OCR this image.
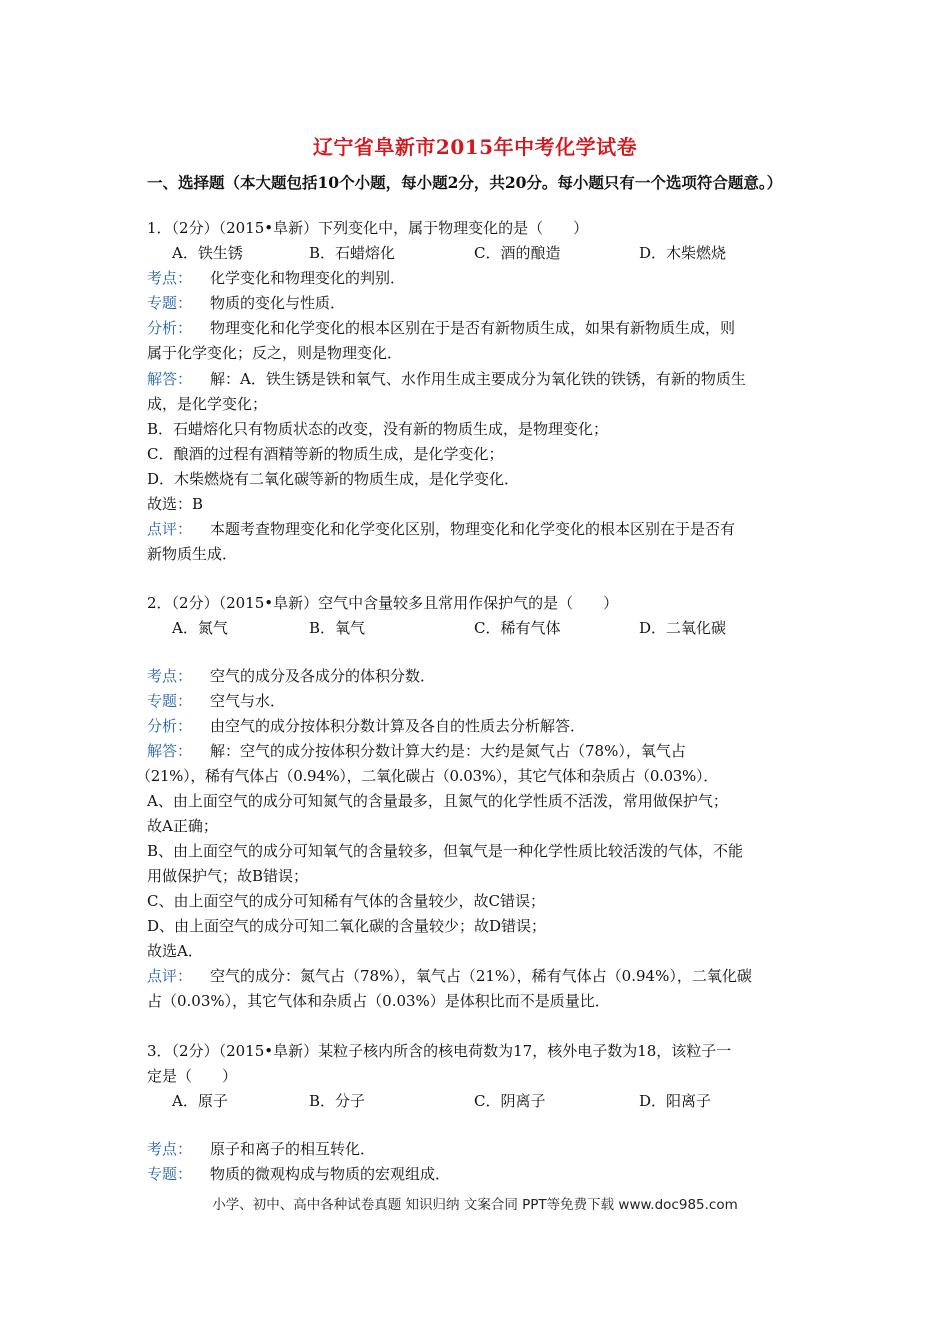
辽宁省阜新市2015年中考化学试卷
一、选择题（本大题包括10个小题，每小题2分，共20分。每小题只有一个选项符合题意。）
1．（2分）（2015•阜新）下列变化中，属于物理变化的是（　　）
A．铁生锈	B．石蜡熔化	C．酒的酿造	D．木柴燃烧
考点： 化学变化和物理变化的判别．
专题： 物质的变化与性质．
分析： 物理变化和化学变化的根本区别在于是否有新物质生成，如果有新物质生成，则
属于化学变化；反之，则是物理变化．
解答： 解：A．铁生锈是铁和氧气、水作用生成主要成分为氧化铁的铁锈，有新的物质生
成，是化学变化；
B．石蜡熔化只有物质状态的改变，没有新的物质生成，是物理变化；
C．酿酒的过程有酒精等新的物质生成，是化学变化；
D．木柴燃烧有二氧化碳等新的物质生成，是化学变化．
故选：B
点评： 本题考查物理变化和化学变化区别，物理变化和化学变化的根本区别在于是否有
新物质生成．
2．（2分）（2015•阜新）空气中含量较多且常用作保护气的是（　　）
A．氮气	B．氧气	C．稀有气体	D．二氧化碳
考点： 空气的成分及各成分的体积分数．
专题： 空气与水．
分析： 由空气的成分按体积分数计算及各自的性质去分析解答．
解答： 解：空气的成分按体积分数计算大约是：大约是氮气占（78%），氧气占
（21%），稀有气体占（0.94%），二氧化碳占（0.03%），其它气体和杂质占（0.03%）．
A、由上面空气的成分可知氮气的含量最多，且氮气的化学性质不活泼，常用做保护气；
故A正确；
B、由上面空气的成分可知氧气的含量较多，但氧气是一种化学性质比较活泼的气体，不能
用做保护气；故B错误；
C、由上面空气的成分可知稀有气体的含量较少，故C错误；
D、由上面空气的成分可知二氧化碳的含量较少；故D错误；
故选A．
点评： 空气的成分：氮气占（78%），氧气占（21%），稀有气体占（0.94%），二氧化碳
占（0.03%），其它气体和杂质占（0.03%）是体积比而不是质量比．
3．（2分）（2015•阜新）某粒子核内所含的核电荷数为17，核外电子数为18，该粒子一
定是（　　）
A．原子	B．分子	C．阴离子	D．阳离子
考点： 原子和离子的相互转化．
专题： 物质的微观构成与物质的宏观组成．
小学、初中、高中各种试卷真题 知识归纳 文案合同 PPT等免费下载 www.doc985.com
